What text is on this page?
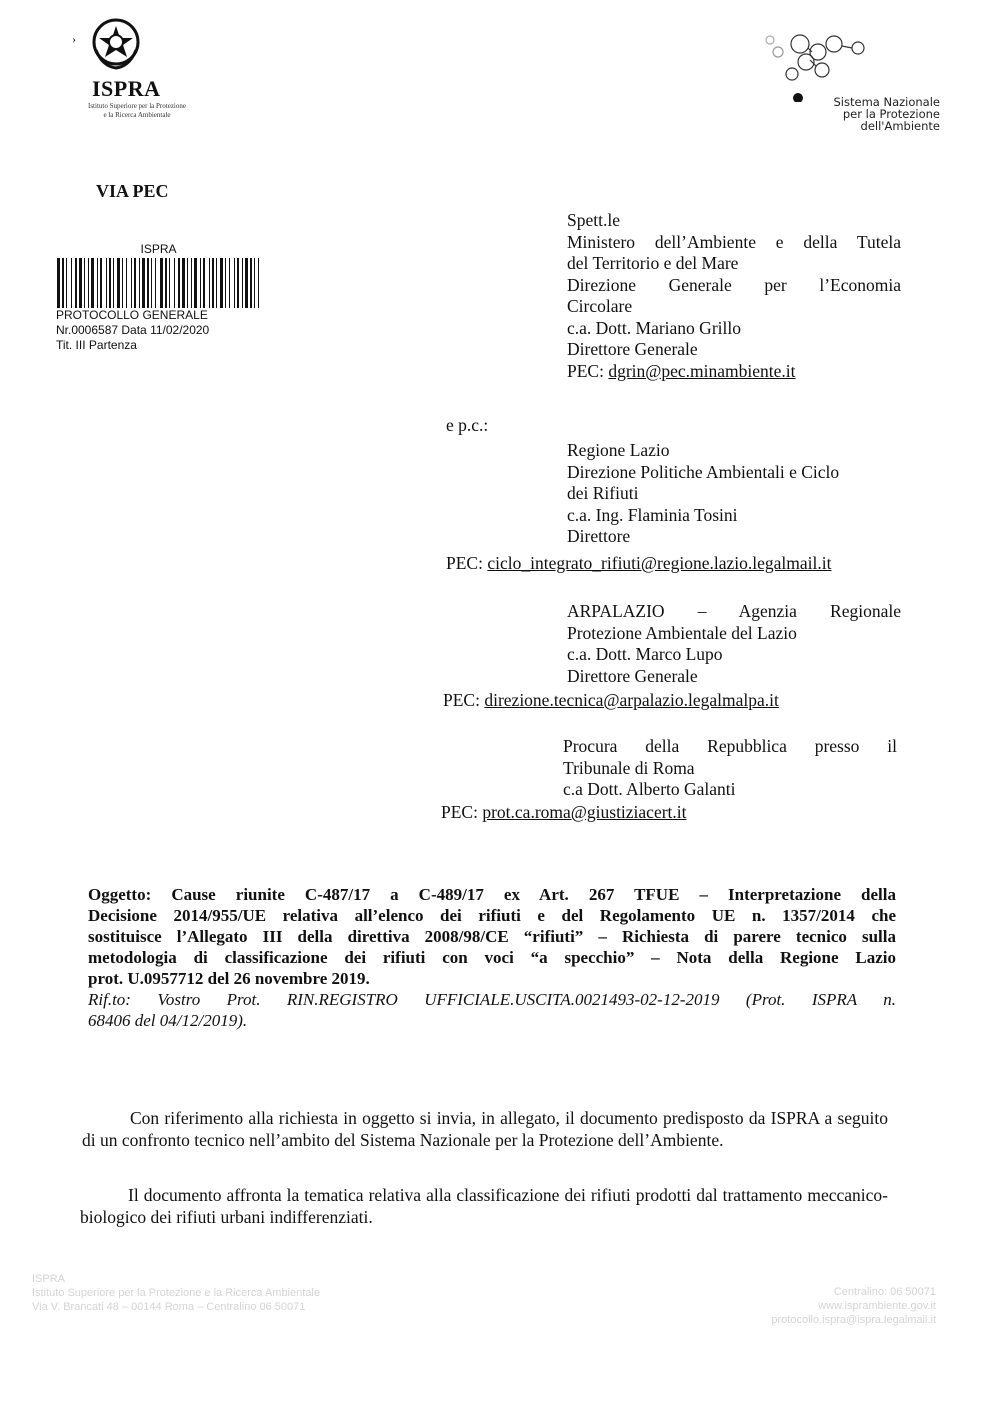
›
ISPRA
Istituto Superiore per la Protezione
e la Ricerca Ambientale
Sistema Nazionale
per la Protezione
dell'Ambiente
VIA PEC
ISPRA
PROTOCOLLO GENERALE
Nr.0006587 Data 11/02/2020
Tit. III Partenza
Spett.le
Ministero dell’Ambiente e della Tutela
del Territorio e del Mare
Direzione Generale per l’Economia
Circolare
c.a. Dott. Mariano Grillo
Direttore Generale
PEC: dgrin@pec.minambiente.it
e p.c.:
Regione Lazio
Direzione Politiche Ambientali e Ciclo
dei Rifiuti
c.a. Ing. Flaminia Tosini
Direttore
PEC: ciclo_integrato_rifiuti@regione.lazio.legalmail.it
ARPALAZIO – Agenzia Regionale
Protezione Ambientale del Lazio
c.a. Dott. Marco Lupo
Direttore Generale
PEC: direzione.tecnica@arpalazio.legalmalpa.it
Procura della Repubblica presso il
Tribunale di Roma
c.a Dott. Alberto Galanti
PEC: prot.ca.roma@giustiziacert.it
Oggetto: Cause riunite C-487/17 a C-489/17 ex Art. 267 TFUE – Interpretazione della
Decisione 2014/955/UE relativa all’elenco dei rifiuti e del Regolamento UE n. 1357/2014 che
sostituisce l’Allegato III della direttiva 2008/98/CE “rifiuti” – Richiesta di parere tecnico sulla
metodologia di classificazione dei rifiuti con voci “a specchio” – Nota della Regione Lazio
prot. U.0957712 del 26 novembre 2019.
Rif.to: Vostro Prot. RIN.REGISTRO UFFICIALE.USCITA.0021493-02-12-2019 (Prot. ISPRA n.
68406 del 04/12/2019).
Con riferimento alla richiesta in oggetto si invia, in allegato, il documento predisposto da ISPRA a seguito di un confronto tecnico nell’ambito del Sistema Nazionale per la Protezione dell’Ambiente.
Il documento affronta la tematica relativa alla classificazione dei rifiuti prodotti dal trattamento meccanico-biologico dei rifiuti urbani indifferenziati.
ISPRA
Istituto Superiore per la Protezione e la Ricerca Ambientale
Via V. Brancati 48 – 00144 Roma – Centralino 06 50071
Centralino: 06 50071
www.isprambiente.gov.it
protocollo.ispra@ispra.legalmail.it
